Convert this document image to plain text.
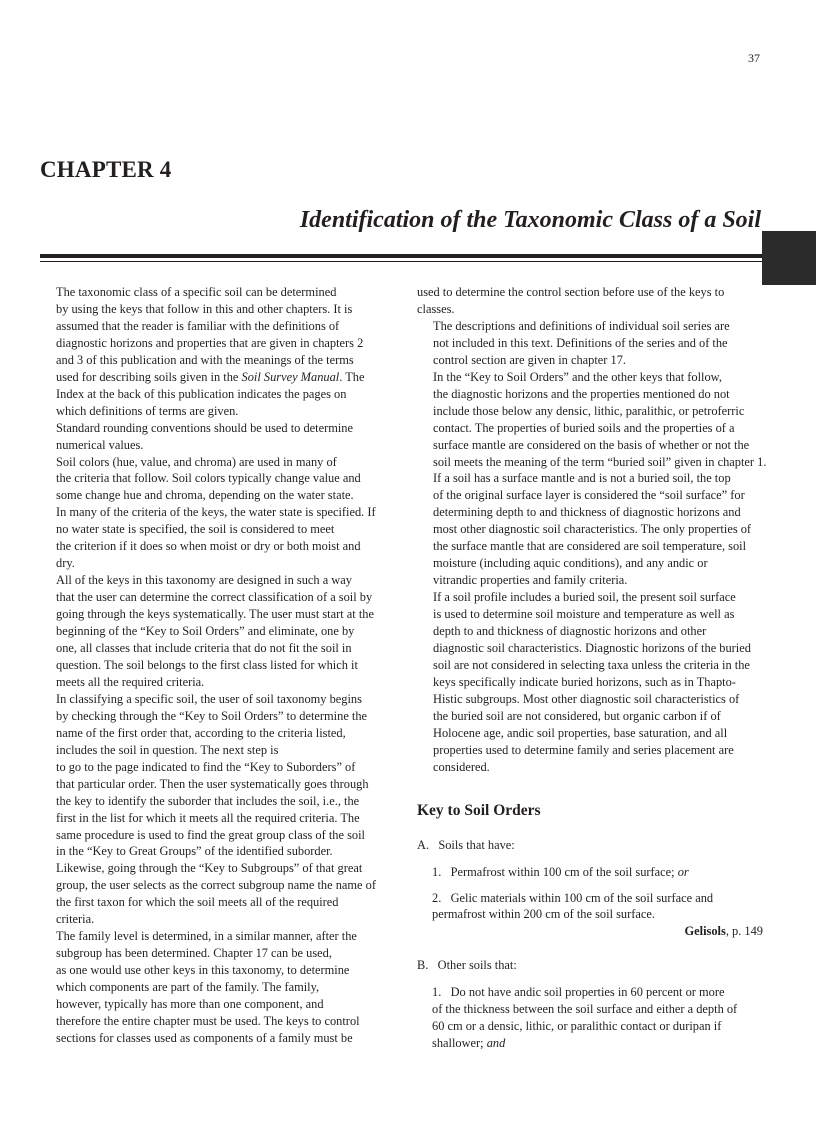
37
CHAPTER 4
Identification of the Taxonomic Class of a Soil

The taxonomic class of a specific soil can be determined
by using the keys that follow in this and other chapters. It is
assumed that the reader is familiar with the definitions of
diagnostic horizons and properties that are given in chapters 2
and 3 of this publication and with the meanings of the terms
used for describing soils given in the Soil Survey Manual. The
Index at the back of this publication indicates the pages on
which definitions of terms are given.

Standard rounding conventions should be used to determine
numerical values.

Soil colors (hue, value, and chroma) are used in many of
the criteria that follow. Soil colors typically change value and
some change hue and chroma, depending on the water state.
In many of the criteria of the keys, the water state is specified. If
no water state is specified, the soil is considered to meet
the criterion if it does so when moist or dry or both moist and
dry.

All of the keys in this taxonomy are designed in such a way
that the user can determine the correct classification of a soil by
going through the keys systematically. The user must start at the
beginning of the “Key to Soil Orders” and eliminate, one by
one, all classes that include criteria that do not fit the soil in
question. The soil belongs to the first class listed for which it
meets all the required criteria.

In classifying a specific soil, the user of soil taxonomy begins
by checking through the “Key to Soil Orders” to determine the
name of the first order that, according to the criteria listed,
includes the soil in question. The next step is
to go to the page indicated to find the “Key to Suborders” of
that particular order. Then the user systematically goes through
the key to identify the suborder that includes the soil, i.e., the
first in the list for which it meets all the required criteria. The
same procedure is used to find the great group class of the soil
in the “Key to Great Groups” of the identified suborder.
Likewise, going through the “Key to Subgroups” of that great
group, the user selects as the correct subgroup name the name of
the first taxon for which the soil meets all of the required
criteria.

The family level is determined, in a similar manner, after the
subgroup has been determined. Chapter 17 can be used,
as one would use other keys in this taxonomy, to determine
which components are part of the family. The family,
however, typically has more than one component, and
therefore the entire chapter must be used. The keys to control
sections for classes used as components of a family must be

used to determine the control section before use of the keys to
classes.

The descriptions and definitions of individual soil series are
not included in this text. Definitions of the series and of the
control section are given in chapter 17.

In the “Key to Soil Orders” and the other keys that follow,
the diagnostic horizons and the properties mentioned do not
include those below any densic, lithic, paralithic, or petroferric
contact. The properties of buried soils and the properties of a
surface mantle are considered on the basis of whether or not the
soil meets the meaning of the term “buried soil” given in chapter 1.

If a soil has a surface mantle and is not a buried soil, the top
of the original surface layer is considered the “soil surface” for
determining depth to and thickness of diagnostic horizons and
most other diagnostic soil characteristics. The only properties of
the surface mantle that are considered are soil temperature, soil
moisture (including aquic conditions), and any andic or
vitrandic properties and family criteria.

If a soil profile includes a buried soil, the present soil surface
is used to determine soil moisture and temperature as well as
depth to and thickness of diagnostic horizons and other
diagnostic soil characteristics. Diagnostic horizons of the buried
soil are not considered in selecting taxa unless the criteria in the
keys specifically indicate buried horizons, such as in Thapto-
Histic subgroups. Most other diagnostic soil characteristics of
the buried soil are not considered, but organic carbon if of
Holocene age, andic soil properties, base saturation, and all
properties used to determine family and series placement are
considered.

Key to Soil Orders

A.   Soils that have:

1.   Permafrost within 100 cm of the soil surface; or

2.   Gelic materials within 100 cm of the soil surface and
permafrost within 200 cm of the soil surface.

Gelisols, p. 149

B.   Other soils that:

1.   Do not have andic soil properties in 60 percent or more
of the thickness between the soil surface and either a depth of
60 cm or a densic, lithic, or paralithic contact or duripan if
shallower; and
